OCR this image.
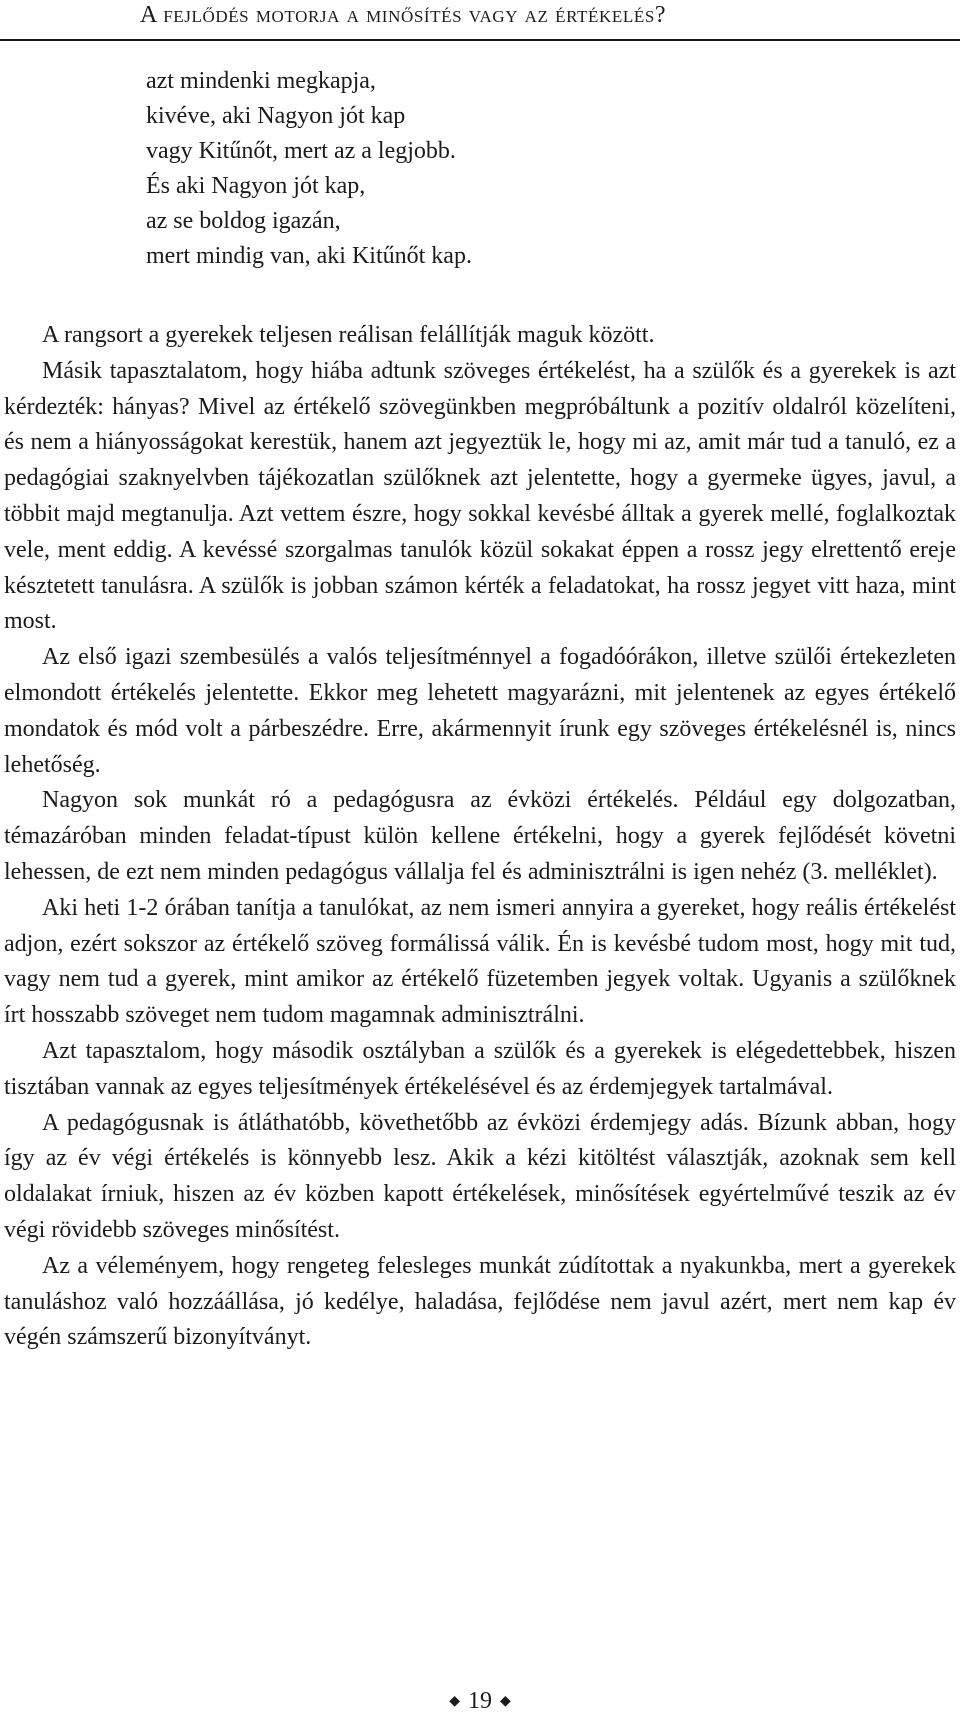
A fejlődés motorja a minősítés vagy az értékelés?
azt mindenki megkapja,
kivéve, aki Nagyon jót kap
vagy Kitűnőt, mert az a legjobb.
És aki Nagyon jót kap,
az se boldog igazán,
mert mindig van, aki Kitűnőt kap.

A rangsort a gyerekek teljesen reálisan felállítják maguk között.

Másik tapasztalatom, hogy hiába adtunk szöveges értékelést, ha a szülők és a gyerekek is azt kérdezték: hányas? Mivel az értékelő szövegünkben megpróbáltunk a pozitív oldalról közelíteni, és nem a hiányosságokat kerestük, hanem azt jegyeztük le, hogy mi az, amit már tud a tanuló, ez a pedagógiai szaknyelvben tájékozatlan szülőknek azt jelentette, hogy a gyermeke ügyes, javul, a többit majd megtanulja. Azt vettem észre, hogy sokkal kevésbé álltak a gyerek mellé, foglalkoztak vele, ment eddig. A kevéssé szorgalmas tanulók közül sokakat éppen a rossz jegy elrettentő ereje késztetett tanulásra. A szülők is jobban számon kérték a feladatokat, ha rossz jegyet vitt haza, mint most.

Az első igazi szembesülés a valós teljesítménnyel a fogadóórákon, illetve szülői értekezleten elmondott értékelés jelentette. Ekkor meg lehetett magyarázni, mit jelentenek az egyes értékelő mondatok és mód volt a párbeszédre. Erre, akármennyit írunk egy szöveges értékelésnél is, nincs lehetőség.

Nagyon sok munkát ró a pedagógusra az évközi értékelés. Például egy dolgozatban, témazáróban minden feladat-típust külön kellene értékelni, hogy a gyerek fejlődését követni lehessen, de ezt nem minden pedagógus vállalja fel és adminisztrálni is igen nehéz (3. melléklet).

Aki heti 1-2 órában tanítja a tanulókat, az nem ismeri annyira a gyereket, hogy reális értékelést adjon, ezért sokszor az értékelő szöveg formálissá válik. Én is kevésbé tudom most, hogy mit tud, vagy nem tud a gyerek, mint amikor az értékelő füzetemben jegyek voltak. Ugyanis a szülőknek írt hosszabb szöveget nem tudom magamnak adminisztrálni.

Azt tapasztalom, hogy második osztályban a szülők és a gyerekek is elégedettebbek, hiszen tisztában vannak az egyes teljesítmények értékelésével és az érdemjegyek tartalmával.

A pedagógusnak is átláthatóbb, követhetőbb az évközi érdemjegy adás. Bízunk abban, hogy így az év végi értékelés is könnyebb lesz. Akik a kézi kitöltést választják, azoknak sem kell oldalakat írniuk, hiszen az év közben kapott értékelések, minősítések egyértelművé teszik az év végi rövidebb szöveges minősítést.

Az a véleményem, hogy rengeteg felesleges munkát zúdítottak a nyakunkba, mert a gyerekek tanuláshoz való hozzáállása, jó kedélye, haladása, fejlődése nem javul azért, mert nem kap év végén számszerű bizonyítványt.

◆ 19 ◆
